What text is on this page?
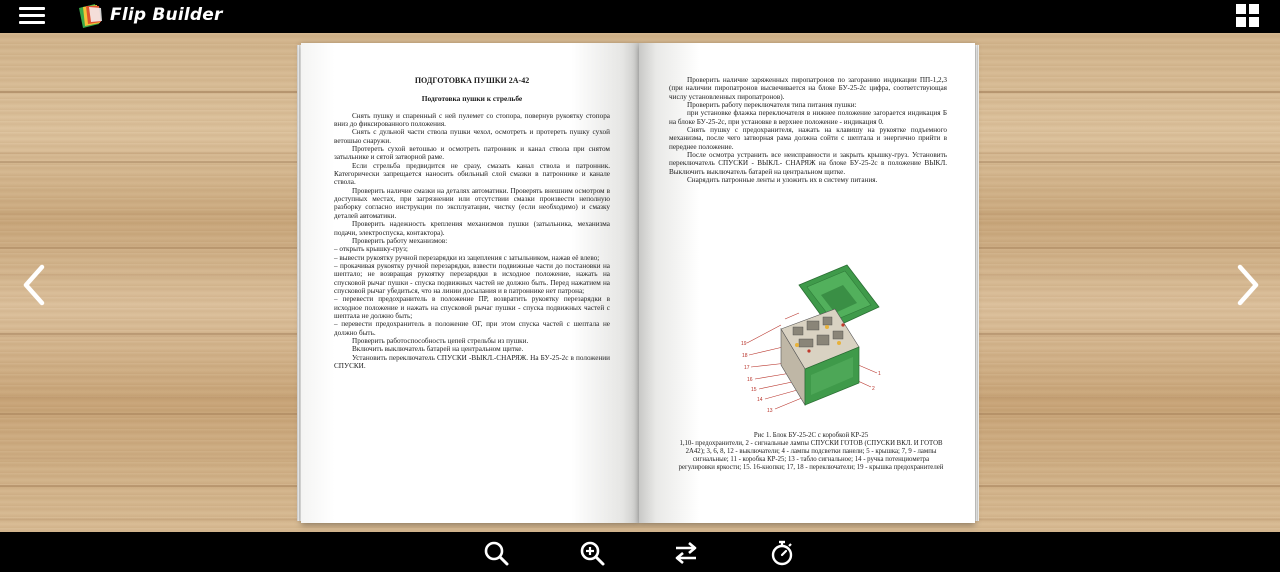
Flip Builder
ПОДГОТОВКА ПУШКИ 2А-42
Подготовка пушки к стрельбе

Снять пушку и спаренный с ней пулемет со стопора, повернув рукоятку стопора вниз до фиксированного положения.

Снять с дульной части ствола пушки чехол, осмотреть и протереть пушку сухой ветошью снаружи.

Протереть сухой ветошью и осмотреть патронник и канал ствола при снятом затыльнике и сятой затворной раме.

Если стрельба предвидится не сразу, смазать канал ствола и патронник. Категорически запрещается наносить обильный слой смазки в патроннике и канале ствола.

Проверить наличие смазки на деталях автоматики. Проверять внешним осмотром в доступных местах, при загрязнении или отсутствии смазки произвести неполную разборку согласно инструкции по эксплуатации, чистку (если необходимо) и смазку деталей автоматики.

Проверить надежность крепления механизмов пушки (затыльника, механизма подачи, электроспуска, контактора).

Проверить работу механизмов:

– открыть крышку-груз;

– вывести рукоятку ручной перезарядки из зацепления с затыльником, нажав её влево;

– прокачивая рукоятку ручной перезарядки, взвести подвижные части до постановки на шептало; не возвращая рукоятку перезарядки в исходное положение, нажать на спусковой рычаг пушки - спуска подвижных частей не должно быть. Перед нажатием на спусковой рычаг убедиться, что на линии досылания и в патроннике нет патрона;

– перевести предохранитель в положение ПР, возвратить рукоятку перезарядки в исходное положение и нажать на спусковой рычаг пушки - спуска подвижных частей с шептала не должно быть;

– перевести предохранитель в положение ОГ, при этом спуска частей с шептала не должно быть.

Проверить работоспособность цепей стрельбы из пушки.

Включить выключатель батарей на центральном щитке.

Установить переключатель СПУСКИ -ВЫКЛ.-СНАРЯЖ. На БУ-25-2с в положении СПУСКИ.

Проверить наличие заряженных пиропатронов по загоранию индикации ПП-1,2,3 (при наличии пиропатронов высвечивается на блоке БУ-25-2с цифра, соответствующая числу установленных пиропатронов).

Проверить работу переключателя типа питания пушки:

при установке флажка переключателя в нижнее положение загорается индикация Б на блоке БУ-25-2с, при установке в верхнее положение - индикация 0.

Снять пушку с предохранителя, нажать на клавишу на рукоятке подъемного механизма, после чего затворная рама должна сойти с шептала и энергично прийти в переднее положение.

После осмотра устранить все неисправности и закрыть крышку-груз. Установить переключатель СПУСКИ - ВЫКЛ.- СНАРЯЖ на блоке БУ-25-2с в положение ВЫКЛ. Выключить выключатель батарей на центральном щитке.

Снарядить патронные ленты и уложить их в систему питания.

19
18
17
16
15
14
13
1
2
Рис 1. Блок БУ-25-2С с коробкой КР-25
1,10- предохранители, 2 - сигнальные лампы СПУСКИ ГОТОВ (СПУСКИ ВКЛ. И ГОТОВ 2А42); 3, 6, 8, 12 - выключатели; 4 - лампы подсветки панели; 5 - крышка; 7, 9 - лампы сигнальные; 11 - коробка КР-25; 13 - табло сигнальное; 14 - ручка потенциометра регулировки яркости; 15. 16-кнопки; 17, 18 - переключатели; 19 - крышка предохранителей
